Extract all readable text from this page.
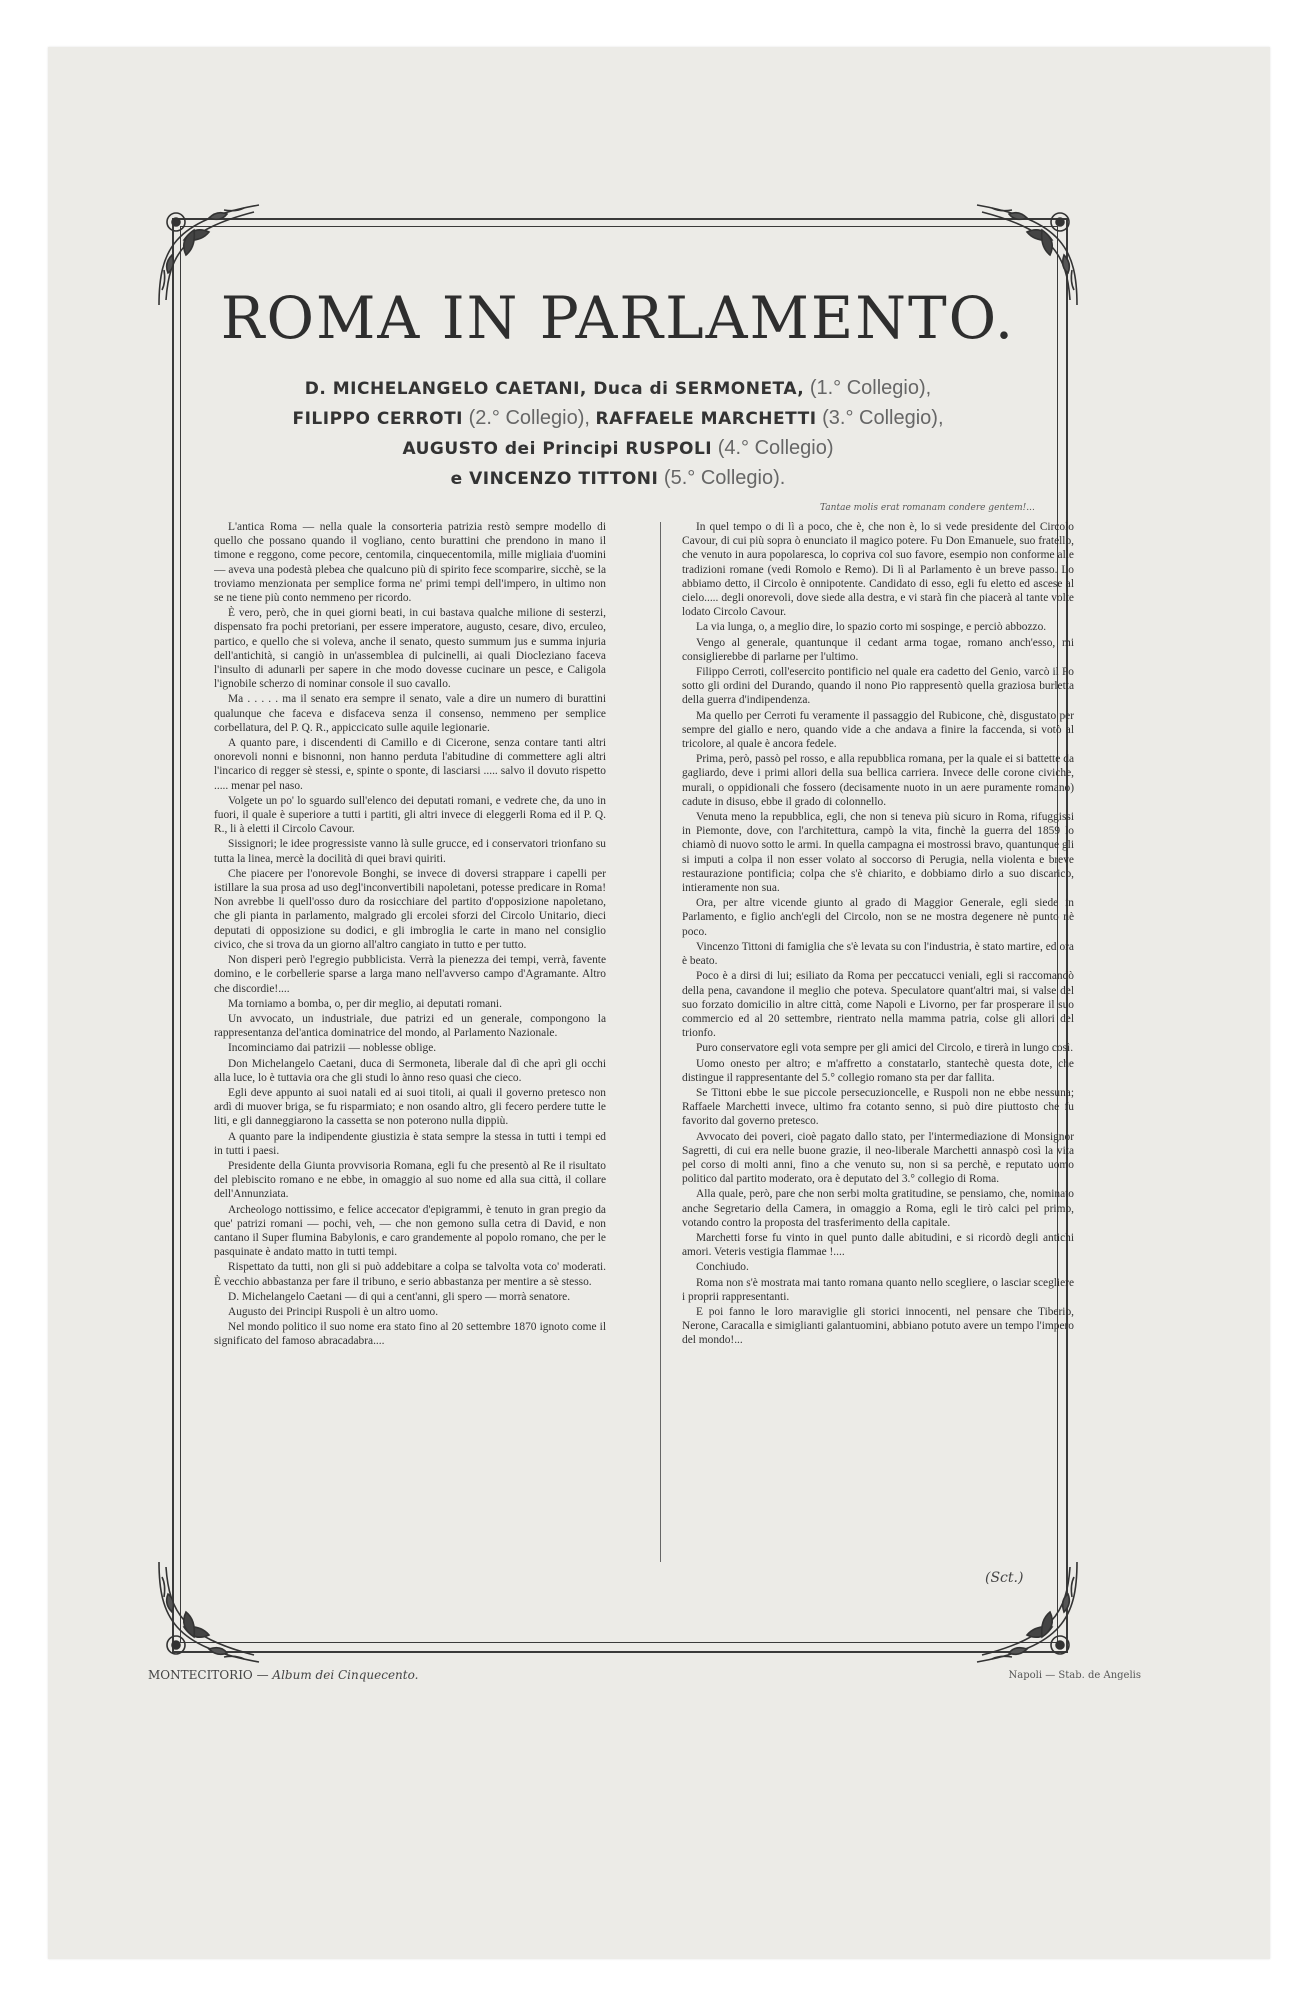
ROMA IN PARLAMENTO.
D. MICHELANGELO CAETANI, Duca di SERMONETA, (1.° Collegio),
FILIPPO CERROTI (2.° Collegio), RAFFAELE MARCHETTI (3.° Collegio),
AUGUSTO dei Principi RUSPOLI (4.° Collegio)
e VINCENZO TITTONI (5.° Collegio).
Tantae molis erat romanam condere gentem!...

L'antica Roma — nella quale la consorteria patrizia restò sempre modello di quello che possano quando il vogliano, cento burattini che prendono in mano il timone e reggono, come pecore, centomila, cinquecentomila, mille migliaia d'uomini — aveva una podestà plebea che qualcuno più di spirito fece scomparire, sicchè, se la troviamo menzionata per semplice forma ne' primi tempi dell'impero, in ultimo non se ne tiene più conto nemmeno per ricordo.

È vero, però, che in quei giorni beati, in cui bastava qualche milione di sesterzi, dispensato fra pochi pretoriani, per essere imperatore, augusto, cesare, divo, erculeo, partico, e quello che si voleva, anche il senato, questo summum jus e summa injuria dell'antichità, si cangiò in un'assemblea di pulcinelli, ai quali Diocleziano faceva l'insulto di adunarli per sapere in che modo dovesse cucinare un pesce, e Caligola l'ignobile scherzo di nominar console il suo cavallo.

Ma . . . . . ma il senato era sempre il senato, vale a dire un numero di burattini qualunque che faceva e disfaceva senza il consenso, nemmeno per semplice corbellatura, del P. Q. R., appiccicato sulle aquile legionarie.

A quanto pare, i discendenti di Camillo e di Cicerone, senza contare tanti altri onorevoli nonni e bisnonni, non hanno perduta l'abitudine di commettere agli altri l'incarico di regger sè stessi, e, spinte o sponte, di lasciarsi ..... salvo il dovuto rispetto ..... menar pel naso.

Volgete un po' lo sguardo sull'elenco dei deputati romani, e vedrete che, da uno in fuori, il quale è superiore a tutti i partiti, gli altri invece di eleggerli Roma ed il P. Q. R., li à eletti il Circolo Cavour.

Sissignori; le idee progressiste vanno là sulle grucce, ed i conservatori trionfano su tutta la linea, mercè la docilità di quei bravi quiriti.

Che piacere per l'onorevole Bonghi, se invece di doversi strappare i capelli per istillare la sua prosa ad uso degl'inconvertibili napoletani, potesse predicare in Roma! Non avrebbe li quell'osso duro da rosicchiare del partito d'opposizione napoletano, che gli pianta in parlamento, malgrado gli ercolei sforzi del Circolo Unitario, dieci deputati di opposizione su dodici, e gli imbroglia le carte in mano nel consiglio civico, che si trova da un giorno all'altro cangiato in tutto e per tutto.

Non disperi però l'egregio pubblicista. Verrà la pienezza dei tempi, verrà, favente domino, e le corbellerie sparse a larga mano nell'avverso campo d'Agramante. Altro che discordie!....

Ma torniamo a bomba, o, per dir meglio, ai deputati romani.

Un avvocato, un industriale, due patrizi ed un generale, compongono la rappresentanza del'antica dominatrice del mondo, al Parlamento Nazionale.

Incominciamo dai patrizii — noblesse oblige.

Don Michelangelo Caetani, duca di Sermoneta, liberale dal dì che aprì gli occhi alla luce, lo è tuttavia ora che gli studi lo ànno reso quasi che cieco.

Egli deve appunto ai suoi natali ed ai suoi titoli, ai quali il governo pretesco non ardì di muover briga, se fu risparmiato; e non osando altro, gli fecero perdere tutte le liti, e gli danneggiarono la cassetta se non poterono nulla dippiù.

A quanto pare la indipendente giustizia è stata sempre la stessa in tutti i tempi ed in tutti i paesi.

Presidente della Giunta provvisoria Romana, egli fu che presentò al Re il risultato del plebiscito romano e ne ebbe, in omaggio al suo nome ed alla sua città, il collare dell'Annunziata.

Archeologo nottissimo, e felice accecator d'epigrammi, è tenuto in gran pregio da que' patrizi romani — pochi, veh, — che non gemono sulla cetra di David, e non cantano il Super flumina Babylonis, e caro grandemente al popolo romano, che per le pasquinate è andato matto in tutti tempi.

Rispettato da tutti, non gli si può addebitare a colpa se talvolta vota co' moderati. È vecchio abbastanza per fare il tribuno, e serio abbastanza per mentire a sè stesso.

D. Michelangelo Caetani — di qui a cent'anni, gli spero — morrà senatore.

Augusto dei Principi Ruspoli è un altro uomo.

Nel mondo politico il suo nome era stato fino al 20 settembre 1870 ignoto come il significato del famoso abracadabra....

In quel tempo o di lì a poco, che è, che non è, lo si vede presidente del Circolo Cavour, di cui più sopra ò enunciato il magico potere. Fu Don Emanuele, suo fratello, che venuto in aura popolaresca, lo copriva col suo favore, esempio non conforme alle tradizioni romane (vedi Romolo e Remo). Di lì al Parlamento è un breve passo. Lo abbiamo detto, il Circolo è onnipotente. Candidato di esso, egli fu eletto ed ascese al cielo..... degli onorevoli, dove siede alla destra, e vi starà fin che piacerà al tante volte lodato Circolo Cavour.

La via lunga, o, a meglio dire, lo spazio corto mi sospinge, e perciò abbozzo.

Vengo al generale, quantunque il cedant arma togae, romano anch'esso, mi consiglierebbe di parlarne per l'ultimo.

Filippo Cerroti, coll'esercito pontificio nel quale era cadetto del Genio, varcò il Po sotto gli ordini del Durando, quando il nono Pio rappresentò quella graziosa burletta della guerra d'indipendenza.

Ma quello per Cerroti fu veramente il passaggio del Rubicone, chè, disgustato per sempre del giallo e nero, quando vide a che andava a finire la faccenda, si votò al tricolore, al quale è ancora fedele.

Prima, però, passò pel rosso, e alla repubblica romana, per la quale ei si battette da gagliardo, deve i primi allori della sua bellica carriera. Invece delle corone civiche, murali, o oppidionali che fossero (decisamente nuoto in un aere puramente romano) cadute in disuso, ebbe il grado di colonnello.

Venuta meno la repubblica, egli, che non si teneva più sicuro in Roma, rifuggissi in Piemonte, dove, con l'architettura, campò la vita, finchè la guerra del 1859 lo chiamò di nuovo sotto le armi. In quella campagna ei mostrossi bravo, quantunque gli si imputi a colpa il non esser volato al soccorso di Perugia, nella violenta e breve restaurazione pontificia; colpa che s'è chiarito, e dobbiamo dirlo a suo discarico, intieramente non sua.

Ora, per altre vicende giunto al grado di Maggior Generale, egli siede in Parlamento, e figlio anch'egli del Circolo, non se ne mostra degenere nè punto nè poco.

Vincenzo Tittoni di famiglia che s'è levata su con l'industria, è stato martire, ed ora è beato.

Poco è a dirsi di lui; esiliato da Roma per peccatucci veniali, egli si raccomandò della pena, cavandone il meglio che poteva. Speculatore quant'altri mai, si valse del suo forzato domicilio in altre città, come Napoli e Livorno, per far prosperare il suo commercio ed al 20 settembre, rientrato nella mamma patria, colse gli allori del trionfo.

Puro conservatore egli vota sempre per gli amici del Circolo, e tirerà in lungo così.

Uomo onesto per altro; e m'affretto a constatarlo, stantechè questa dote, che distingue il rappresentante del 5.° collegio romano sta per dar fallita.

Se Tittoni ebbe le sue piccole persecuzioncelle, e Ruspoli non ne ebbe nessuna; Raffaele Marchetti invece, ultimo fra cotanto senno, si può dire piuttosto che fu favorito dal governo pretesco.

Avvocato dei poveri, cioè pagato dallo stato, per l'intermediazione di Monsignor Sagretti, di cui era nelle buone grazie, il neo-liberale Marchetti annaspò così la vita pel corso di molti anni, fino a che venuto su, non si sa perchè, e reputato uomo politico dal partito moderato, ora è deputato del 3.° collegio di Roma.

Alla quale, però, pare che non serbi molta gratitudine, se pensiamo, che, nominato anche Segretario della Camera, in omaggio a Roma, egli le tirò calci pel primo, votando contro la proposta del trasferimento della capitale.

Marchetti forse fu vinto in quel punto dalle abitudini, e si ricordò degli antichi amori. Veteris vestigia flammae !....

Conchiudo.

Roma non s'è mostrata mai tanto romana quanto nello scegliere, o lasciar scegliere i proprii rappresentanti.

E poi fanno le loro maraviglie gli storici innocenti, nel pensare che Tiberio, Nerone, Caracalla e simiglianti galantuomini, abbiano potuto avere un tempo l'impero del mondo!...

(Sct.)
MONTECITORIO — Album dei Cinquecento.	Napoli — Stab. de Angelis
